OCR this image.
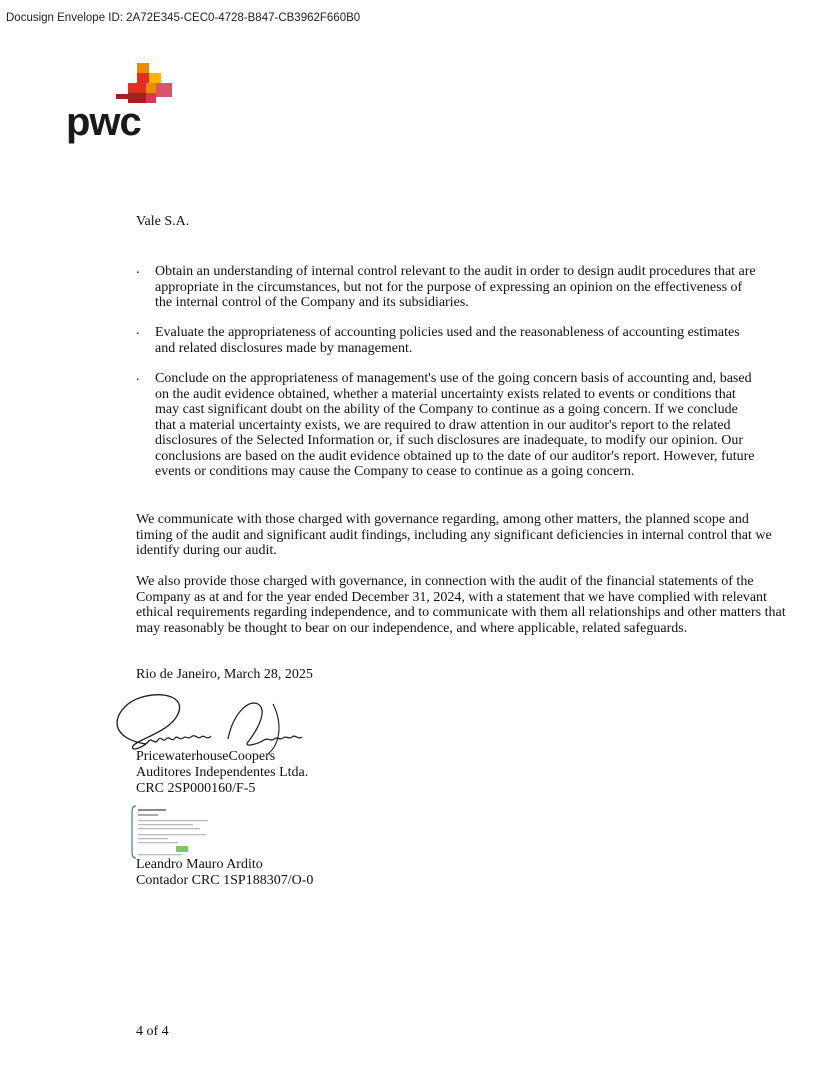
Docusign Envelope ID: 2A72E345-CEC0-4728-B847-CB3962F660B0
pwc
Vale S.A.
. Obtain an understanding of internal control relevant to the audit in order to design audit procedures that are appropriate in the circumstances, but not for the purpose of expressing an opinion on the effectiveness of the internal control of the Company and its subsidiaries.
. Evaluate the appropriateness of accounting policies used and the reasonableness of accounting estimates and related disclosures made by management.
. Conclude on the appropriateness of management's use of the going concern basis of accounting and, based on the audit evidence obtained, whether a material uncertainty exists related to events or conditions that may cast significant doubt on the ability of the Company to continue as a going concern. If we conclude that a material uncertainty exists, we are required to draw attention in our auditor's report to the related disclosures of the Selected Information or, if such disclosures are inadequate, to modify our opinion. Our conclusions are based on the audit evidence obtained up to the date of our auditor's report. However, future events or conditions may cause the Company to cease to continue as a going concern.
We communicate with those charged with governance regarding, among other matters, the planned scope and timing of the audit and significant audit findings, including any significant deficiencies in internal control that we identify during our audit.
We also provide those charged with governance, in connection with the audit of the financial statements of the Company as at and for the year ended December 31, 2024, with a statement that we have complied with relevant ethical requirements regarding independence, and to communicate with them all relationships and other matters that may reasonably be thought to bear on our independence, and where applicable, related safeguards.
Rio de Janeiro, March 28, 2025
PricewaterhouseCoopers
Auditores Independentes Ltda.
CRC 2SP000160/F-5
Leandro Mauro Ardito
Contador CRC 1SP188307/O-0
4 of 4
